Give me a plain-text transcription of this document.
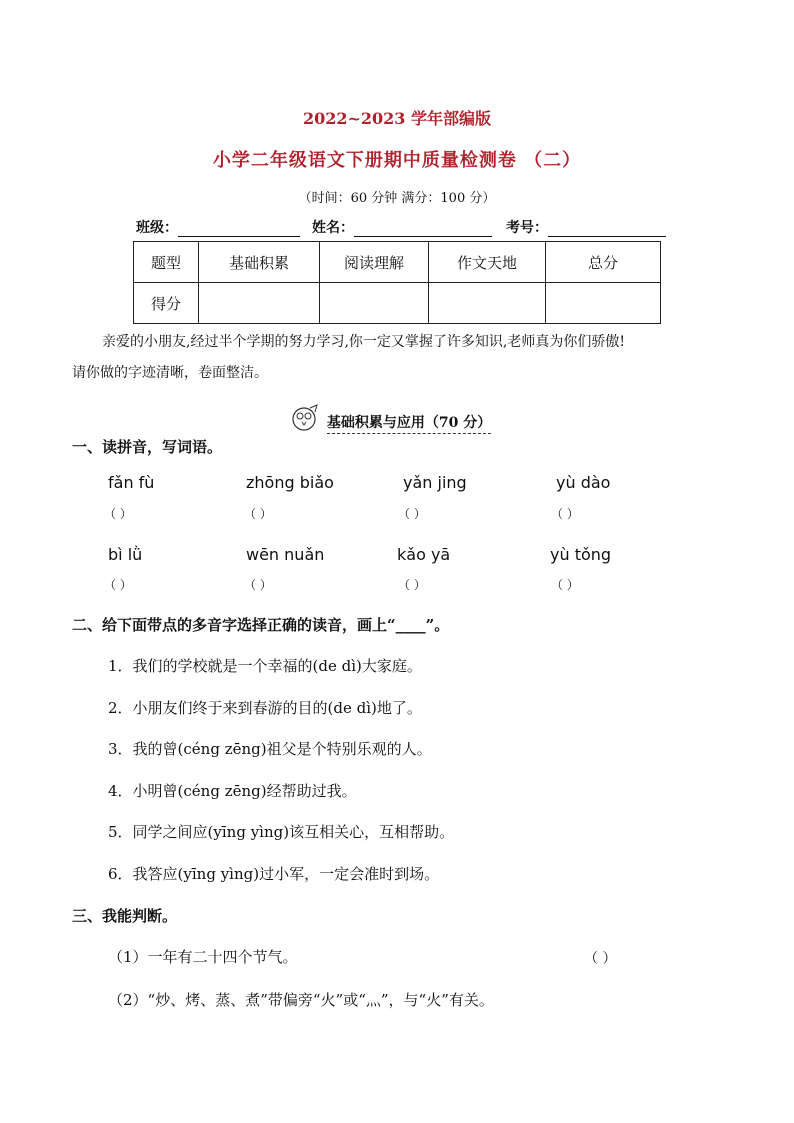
2022~2023 学年部编版
小学二年级语文下册期中质量检测卷 （二）
（时间：60 分钟 满分：100 分）
班级：	姓名：	考号：
题型	基础积累	阅读理解	作文天地	总分
得分				
亲爱的小朋友,经过半个学期的努力学习,你一定又掌握了许多知识,老师真为你们骄傲!
请你做的字迹清晰，卷面整洁。
基础积累与应用（70 分）
一、读拼音，写词语。
fǎn fù	zhōng biǎo	yǎn jing	yù dào
（ ）	（ ）	（ ）	（ ）
bì lǜ	wēn nuǎn	kǎo yā	yù tǒng
（ ）	（ ）	（ ）	（ ）
二、给下面带点的多音字选择正确的读音，画上“____”。
1．我们的学校就是一个幸福的(de dì)大家庭。
2．小朋友们终于来到春游的目的(de dì)地了。
3．我的曾(céng zēng)祖父是个特别乐观的人。
4．小明曾(céng zēng)经帮助过我。
5．同学之间应(yīng yìng)该互相关心，互相帮助。
6．我答应(yīng yìng)过小军，一定会准时到场。
三、我能判断。
（1）一年有二十四个节气。	（ ）
（2）“炒、烤、蒸、煮”带偏旁“火”或“灬”，与“火”有关。
